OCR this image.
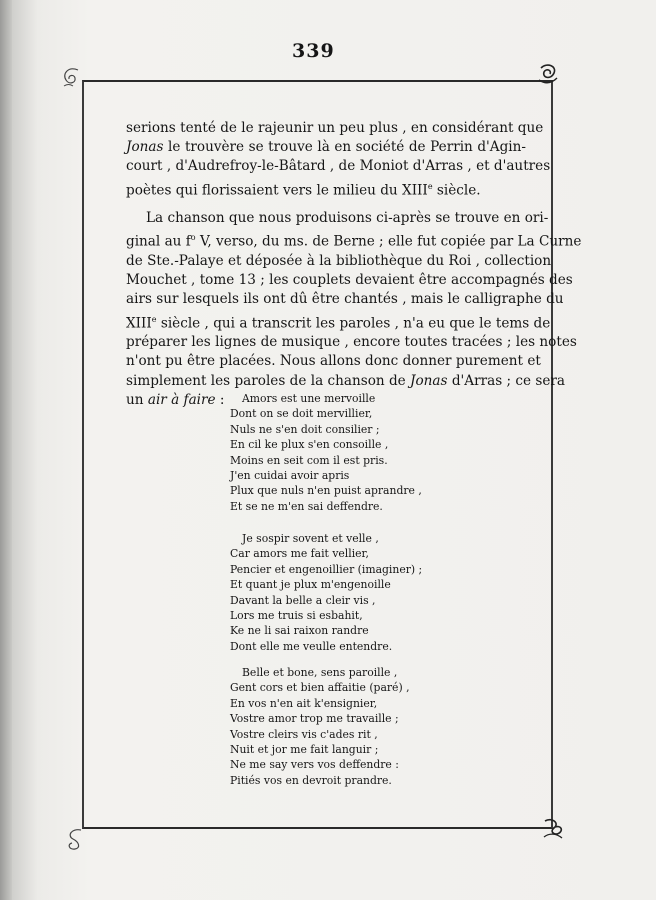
339
serions tenté de le rajeunir un peu plus , en considérant que
Jonas le trouvère se trouve là en société de Perrin d'Agin-
court , d'Audrefroy-le-Bâtard , de Moniot d'Arras , et d'autres
poètes qui florissaient vers le milieu du XIIIe siècle.
La chanson que nous produisons ci-après se trouve en ori-
ginal au $f^o$ V, verso, du ms. de Berne ; elle fut copiée par La Curne
de Ste.-Palaye et déposée à la bibliothèque du Roi , collection
Mouchet , tome 13 ; les couplets devaient être accompagnés des
airs sur lesquels ils ont dû être chantés , mais le calligraphe du
XIIIe siècle , qui a transcrit les paroles , n'a eu que le tems de
préparer les lignes de musique , encore toutes tracées ; les notes
n'ont pu être placées. Nous allons donc donner purement et
simplement les paroles de la chanson de Jonas d'Arras ; ce sera
un air à faire :	Amors est une mervoille
Dont on se doit mervillier,
Nuls ne s'en doit consilier ;
En cil ke plux s'en consoille ,
Moins en seit com il est pris.
J'en cuidai avoir apris
Plux que nuls n'en puist aprandre ,
Et se ne m'en sai deffendre.
Je sospir sovent et velle ,
Car amors me fait vellier,
Pencier et engenoillier (imaginer) ;
Et quant je plux m'engenoille
Davant la belle a cleir vis ,
Lors me truis si esbahit,
Ke ne li sai raixon randre
Dont elle me veulle entendre.
Belle et bone, sens paroille ,
Gent cors et bien affaitie (paré) ,
En vos n'en ait k'ensignier,
Vostre amor trop me travaille ;
Vostre cleirs vis c'ades rit ,
Nuit et jor me fait languir ;
Ne me say vers vos deffendre :
Pitiés vos en devroit prandre.
